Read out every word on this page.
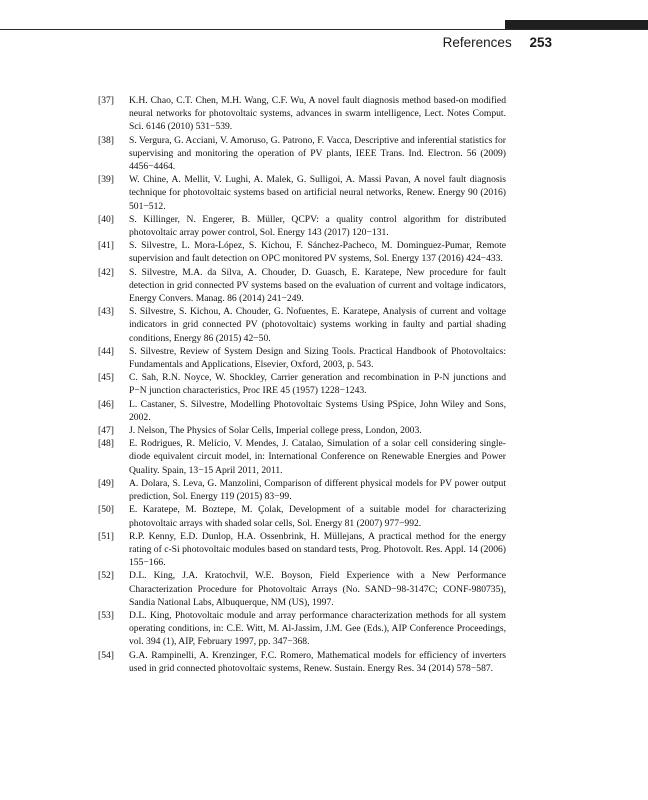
References 253
[37] K.H. Chao, C.T. Chen, M.H. Wang, C.F. Wu, A novel fault diagnosis method based-on modified neural networks for photovoltaic systems, advances in swarm intelligence, Lect. Notes Comput. Sci. 6146 (2010) 531−539.
[38] S. Vergura, G. Acciani, V. Amoruso, G. Patrono, F. Vacca, Descriptive and inferential statistics for supervising and monitoring the operation of PV plants, IEEE Trans. Ind. Electron. 56 (2009) 4456−4464.
[39] W. Chine, A. Mellit, V. Lughi, A. Malek, G. Sulligoi, A. Massi Pavan, A novel fault diagnosis technique for photovoltaic systems based on artificial neural networks, Renew. Energy 90 (2016) 501−512.
[40] S. Killinger, N. Engerer, B. Müller, QCPV: a quality control algorithm for distributed photovoltaic array power control, Sol. Energy 143 (2017) 120−131.
[41] S. Silvestre, L. Mora-López, S. Kichou, F. Sánchez-Pacheco, M. Dominguez-Pumar, Remote supervision and fault detection on OPC monitored PV systems, Sol. Energy 137 (2016) 424−433.
[42] S. Silvestre, M.A. da Silva, A. Chouder, D. Guasch, E. Karatepe, New procedure for fault detection in grid connected PV systems based on the evaluation of current and voltage indicators, Energy Convers. Manag. 86 (2014) 241−249.
[43] S. Silvestre, S. Kichou, A. Chouder, G. Nofuentes, E. Karatepe, Analysis of current and voltage indicators in grid connected PV (photovoltaic) systems working in faulty and partial shading conditions, Energy 86 (2015) 42−50.
[44] S. Silvestre, Review of System Design and Sizing Tools. Practical Handbook of Photovoltaics: Fundamentals and Applications, Elsevier, Oxford, 2003, p. 543.
[45] C. Sah, R.N. Noyce, W. Shockley, Carrier generation and recombination in P-N junctions and P−N junction characteristics, Proc IRE 45 (1957) 1228−1243.
[46] L. Castaner, S. Silvestre, Modelling Photovoltaic Systems Using PSpice, John Wiley and Sons, 2002.
[47] J. Nelson, The Physics of Solar Cells, Imperial college press, London, 2003.
[48] E. Rodrigues, R. Melício, V. Mendes, J. Catalao, Simulation of a solar cell considering single-diode equivalent circuit model, in: International Conference on Renewable Energies and Power Quality. Spain, 13−15 April 2011, 2011.
[49] A. Dolara, S. Leva, G. Manzolini, Comparison of different physical models for PV power output prediction, Sol. Energy 119 (2015) 83−99.
[50] E. Karatepe, M. Boztepe, M. Çolak, Development of a suitable model for characterizing photovoltaic arrays with shaded solar cells, Sol. Energy 81 (2007) 977−992.
[51] R.P. Kenny, E.D. Dunlop, H.A. Ossenbrink, H. Müllejans, A practical method for the energy rating of c-Si photovoltaic modules based on standard tests, Prog. Photovolt. Res. Appl. 14 (2006) 155−166.
[52] D.L. King, J.A. Kratochvil, W.E. Boyson, Field Experience with a New Performance Characterization Procedure for Photovoltaic Arrays (No. SAND−98-3147C; CONF-980735), Sandia National Labs, Albuquerque, NM (US), 1997.
[53] D.L. King, Photovoltaic module and array performance characterization methods for all system operating conditions, in: C.E. Witt, M. Al-Jassim, J.M. Gee (Eds.), AIP Conference Proceedings, vol. 394 (1), AIP, February 1997, pp. 347−368.
[54] G.A. Rampinelli, A. Krenzinger, F.C. Romero, Mathematical models for efficiency of inverters used in grid connected photovoltaic systems, Renew. Sustain. Energy Res. 34 (2014) 578−587.
